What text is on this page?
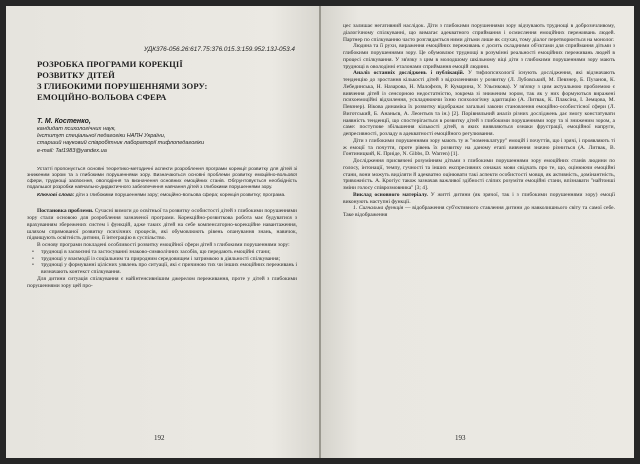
УДК376-056.26:617.75:376.015.3:159.952.13Ј-053.4
РОЗРОБКА ПРОГРАМИ КОРЕКЦІЇ
РОЗВИТКУ ДІТЕЙ
З ГЛИБОКИМИ ПОРУШЕННЯМИ ЗОРУ:
ЕМОЦІЙНО-ВОЛЬОВА СФЕРА
Т. М. Костенко,
кандидат психологічних наук,
Інститут спеціальної педагогіки НАПН України,
старший науковий співробітник лабораторії тифлопедагогіки
e-mail: Tat1983@yandex.ua

Устатті пропонується основні теоретико-методичні аспекти розроблення програми корекції розвитку для дітей зі зниженим зором та з глибокими порушеннями зору. Визначаються основні проблеми розвитку емоційно-вольової сфери, труднощі засвоєння, оволодіння та визначення основних емоційних станів. Обгрунтовується необхідність подальшої розробки навчально-дидактичного забезпечення навчання дітей з глибокими порушеннями зору.

Ключові слова: діти з глибокими порушеннями зору; емоційно-вольова сфера; корекція розвитку; програма.

Постановка проблеми. Сучасні вимоги до освітньої та розвитку особистості дітей з глибокими порушеннями зору стали основою для розроблення зазначеної програми. Корекційно-розвиткова робота має будуватися з врахуванням збережених систем і функцій, адже таких дітей на себе компенсаторно-корекційне навантаження, шляхом спрямованої розвитку психічних процесів, які обумовлюють рівень опанування знань, навичок, підвищують освітність дитини, її інтеграцію в суспільство.

В основу програми покладені особливості розвитку емоційної сфери дітей з глибокими порушеннями зору:

• труднощі в засвоєнні та застосуванні знаково-символічних засобів, що передають емоційні стани;
• труднощі у взаємодії із соціальним та природним середовищем і затримкою в діяльності спілкування;
• труднощі у формуванні цілісних уявлень про ситуації, які є причиною тих чи інших емоційних переживань і визначають контекст спілкування.

Для дитини ситуація спілкування є найінтенсивнішим джерелом переживання, проте у дітей з глибокими порушеннями зору цей про-

192

цес залишає негативний наслідок. Діти з глибокими порушеннями зору відчувають труднощі в доброзичливому, діалогічному спілкуванні, що вимагає адекватного сприймання і осмислення емоційних переживань людей. Партнер по спілкуванню часто розглядається ними дітьми лише як слухач, тому діалог перетворюється на монолог.

Людина та її рухи, вираження емоційних переживань є досить складними об'єктами для сприймання дітьми з глибокими порушеннями зору. Це обумовлює труднощі в розумінні реальності емоційних переживань людей в процесі спілкування. У зв'язку з цим в молодшому шкільному віці діти з глибокими порушеннями зору мають труднощі в оволодінні еталонами сприймання емоцій людини.

Аналіз останніх досліджень і публікацій. У тифлопсихології існують дослідження, які відзначають тенденцію до зростання кількості дітей з відхиленнями у розвитку (Л. Лубовський, М. Певзнер, Б. Пузанов, К. Лебединська, Н. Назарова, Н. Малофєєв, Р. Кумарина, У. Ульєнкова). У зв'язку з цим актуальною проблемою є вивчення дітей із сенсорною недостатністю, зокрема зі зниженим зором, так як у них формуються вираженi психоемоційні відхилення, ускладнюючи їхню психологічну адаптацію (А. Литвак, К. Плаксіна, І. Земцова, М. Певзнер). Вікова динаміка їх розвитку відображає загальні закони становлення емоційно-особистісної сфери (Л. Виготський, Б. Ананьєв, А. Леонтьєв та ін.) [2]. Порівняльний аналіз різних досліджень дає змогу констатувати наявність тенденції, що спостерігається в розвитку дітей з глибокими порушеннями зору та зі зниженим зором, а саме: поступове збільшення кількості дітей, в яких виявляються ознаки фрустрації, емоційної напруги, депресивності, розладу в адекватності емоційного регулювання.

Діти з глибокими порушеннями зору мають ту ж "номенклатуру" емоцій і почуттів, що і зрячі, і проявляють ті ж емоції та почуття, проте рівень їх розвитку на даному етапі вивчення значно різниться (А. Литвак, В. Гонтиницкий, К. Приіде, N. Gibbs, D. Warren) [1].

Дослідження присвячені розумінням дітьми з глибокими порушеннями зору емоційних станів людини по голосу, інтонації, темпу, гучності та інших експресивних ознаках мови свідчать про те, що, оцінюючи емоційні стани, вони можуть виділяти й адекватно оцінювати такі аспекти особистості мовця, як активність, домінантність, тривожність. А. Крогіус також зазначав важливої здібності сліпих розуміти емоційні стани, впізнавати "найтонші зміни голосу співрозмовника" [3; 4].

Виклад основного матеріалу. У житті дитини (як зрячої, так і з глибокими порушеннями зору) емоції виконують наступні функції.

1. Сигнальна функція — відображення суб'єктивного ставлення дитини до навколишнього світу та самої себе. Таке відображення

193
